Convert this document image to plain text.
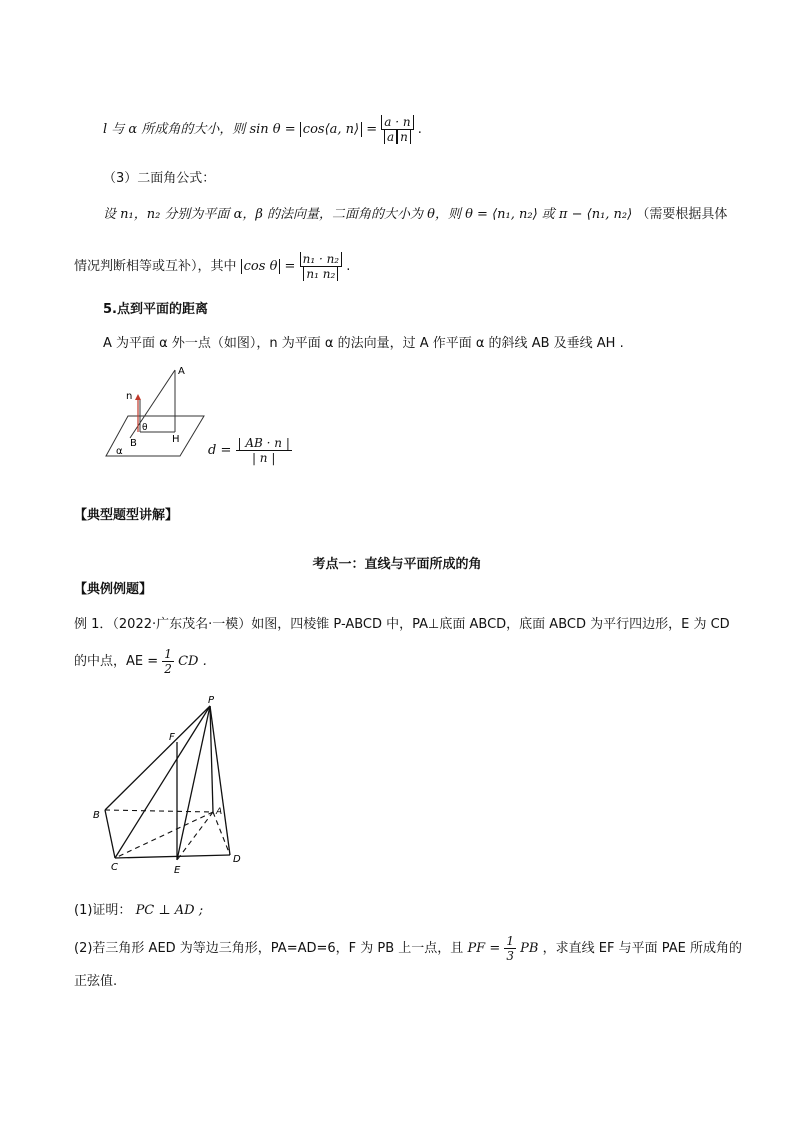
l 与 α 所成角的大小，则 sin θ = cos⟨a, n⟩ = $\frac{a \cdot n}{\text{a n}}$ .
（3）二面角公式：
设 n₁，n₂ 分别为平面 α，β 的法向量，二面角的大小为 θ，则 θ = ⟨n₁, n₂⟩ 或 π − ⟨n₁, n₂⟩ （需要根据具体
情况判断相等或互补），其中 $\cos \theta = \frac{\text{n₁ · n₂}}{\text{n₁ n₂}}$ .
5.点到平面的距离
A 为平面 α 外一点（如图），n 为平面 α 的法向量，过 A 作平面 α 的斜线 AB 及垂线 AH .
A
n
θ
B	H
α	$d = \frac{| AB \cdot n |}{| n |}$
【典型题型讲解】
考点一：直线与平面所成的角
【典例例题】
例 1．（2022·广东茂名·一模）如图，四棱锥 P-ABCD 中，PA⊥底面 ABCD，底面 ABCD 为平行四边形，E 为 CD
的中点，AE = $\frac{1}{2}$ CD .
P
F
B	A
C	E
D
(1)证明： PC ⊥ AD ;
(2)若三角形 AED 为等边三角形，PA=AD=6，F 为 PB 上一点，且 PF = $\frac{1}{3}$ PB ，求直线 EF 与平面 PAE 所成角的
正弦值.
